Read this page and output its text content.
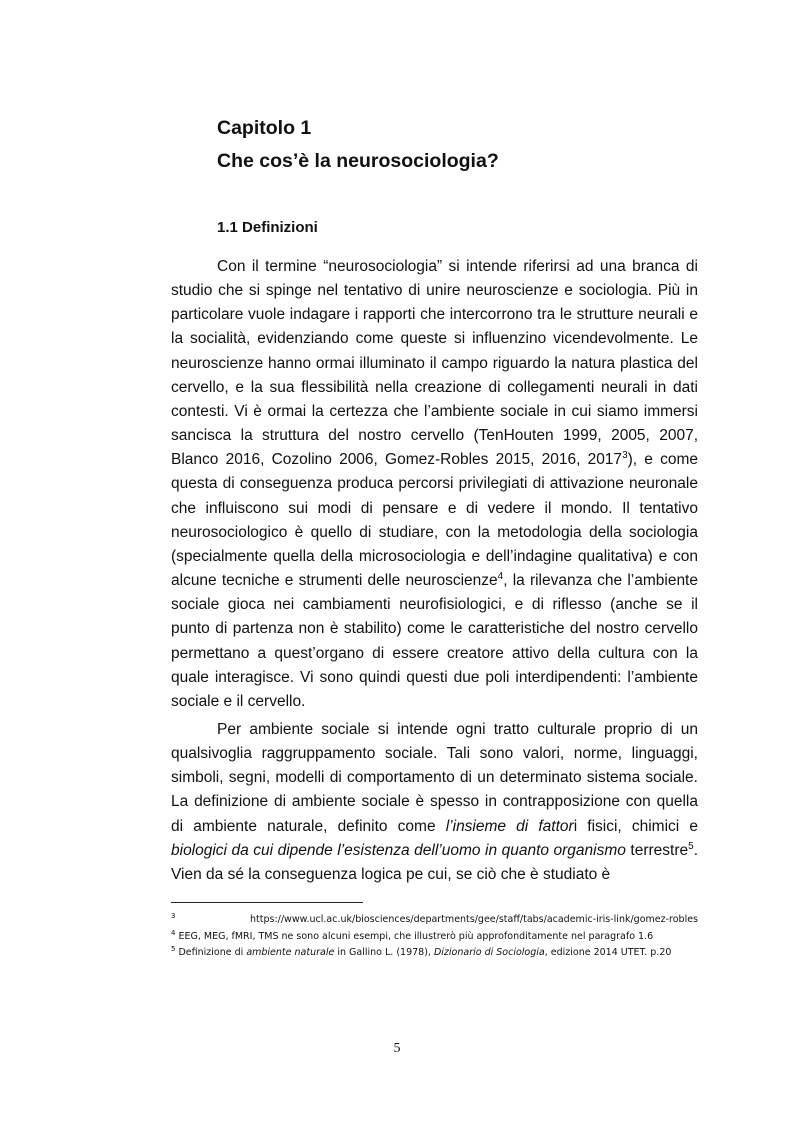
Capitolo 1
Che cos’è la neurosociologia?
1.1 Definizioni

Con il termine “neurosociologia” si intende riferirsi ad una branca di studio che si spinge nel tentativo di unire neuroscienze e sociologia. Più in particolare vuole indagare i rapporti che intercorrono tra le strutture neurali e la socialità, evidenziando come queste si influenzino vicendevolmente. Le neuroscienze hanno ormai illuminato il campo riguardo la natura plastica del cervello, e la sua flessibilità nella creazione di collegamenti neurali in dati contesti. Vi è ormai la certezza che l’ambiente sociale in cui siamo immersi sancisca la struttura del nostro cervello (TenHouten 1999, 2005, 2007, Blanco 2016, Cozolino 2006, Gomez-Robles 2015, 2016, 2017$^3$), e come questa di conseguenza produca percorsi privilegiati di attivazione neuronale che influiscono sui modi di pensare e di vedere il mondo. Il tentativo neurosociologico è quello di studiare, con la metodologia della sociologia (specialmente quella della microsociologia e dell’indagine qualitativa) e con alcune tecniche e strumenti delle neuroscienze$^4$, la rilevanza che l’ambiente sociale gioca nei cambiamenti neurofisiologici, e di riflesso (anche se il punto di partenza non è stabilito) come le caratteristiche del nostro cervello permettano a quest’organo di essere creatore attivo della cultura con la quale interagisce. Vi sono quindi questi due poli interdipendenti: l’ambiente sociale e il cervello.

Per ambiente sociale si intende ogni tratto culturale proprio di un qualsivoglia raggruppamento sociale. Tali sono valori, norme, linguaggi, simboli, segni, modelli di comportamento di un determinato sistema sociale. La definizione di ambiente sociale è spesso in contrapposizione con quella di ambiente naturale, definito come l’insieme di fattori fisici, chimici e biologici da cui dipende l’esistenza dell’uomo in quanto organismo terrestre$^5$. Vien da sé la conseguenza logica pe cui, se ciò che è studiato è

$^3$	https://www.ucl.ac.uk/biosciences/departments/gee/staff/tabs/academic-iris-link/gomez-robles

$^4$ EEG, MEG, fMRI, TMS ne sono alcuni esempi, che illustrerò più approfonditamente nel paragrafo 1.6

$^5$ Definizione di ambiente naturale in Gallino L. (1978), Dizionario di Sociologia, edizione 2014 UTET. p.20

5
